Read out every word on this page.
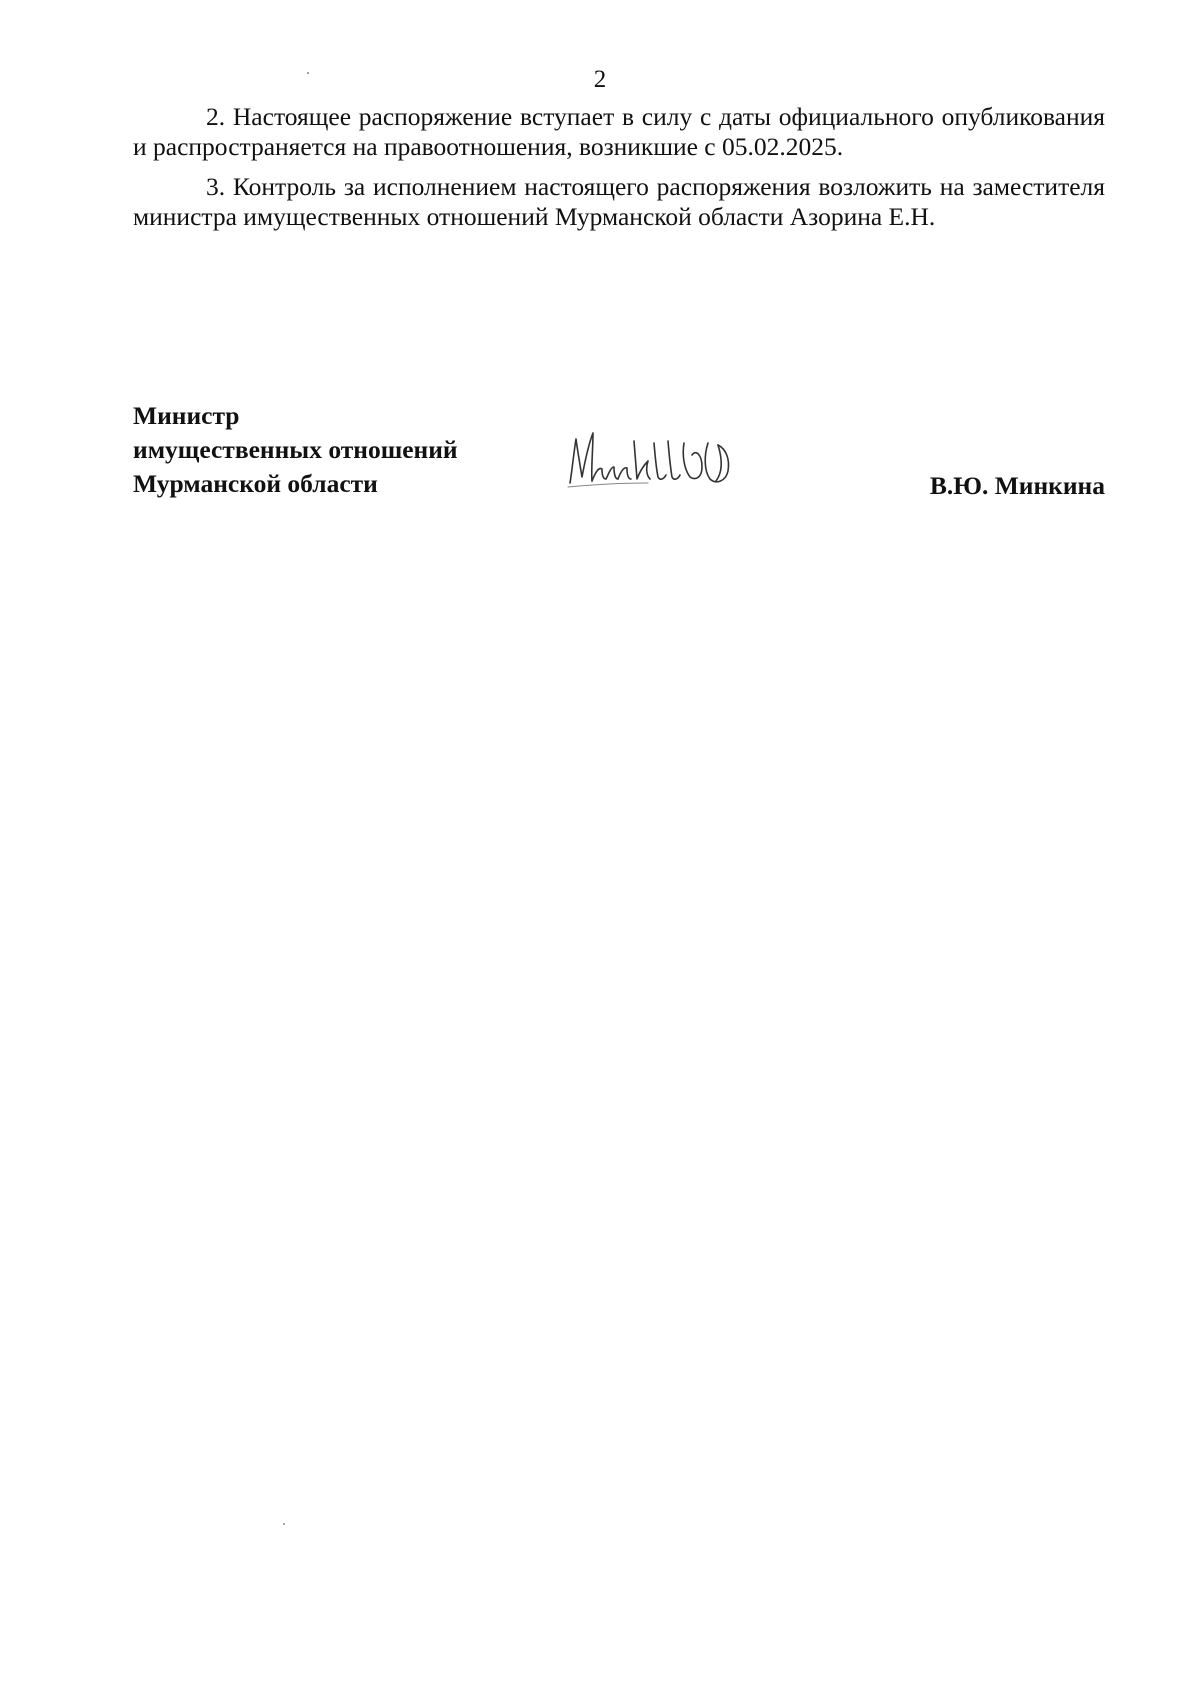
2

2. Настоящее распоряжение вступает в силу с даты официального опубликования и распространяется на правоотношения, возникшие с 05.02.2025.

3. Контроль за исполнением настоящего распоряжения возложить на заместителя министра имущественных отношений Мурманской области Азорина Е.Н.

Министр
имущественных отношений
Мурманской области	В.Ю. Минкина
